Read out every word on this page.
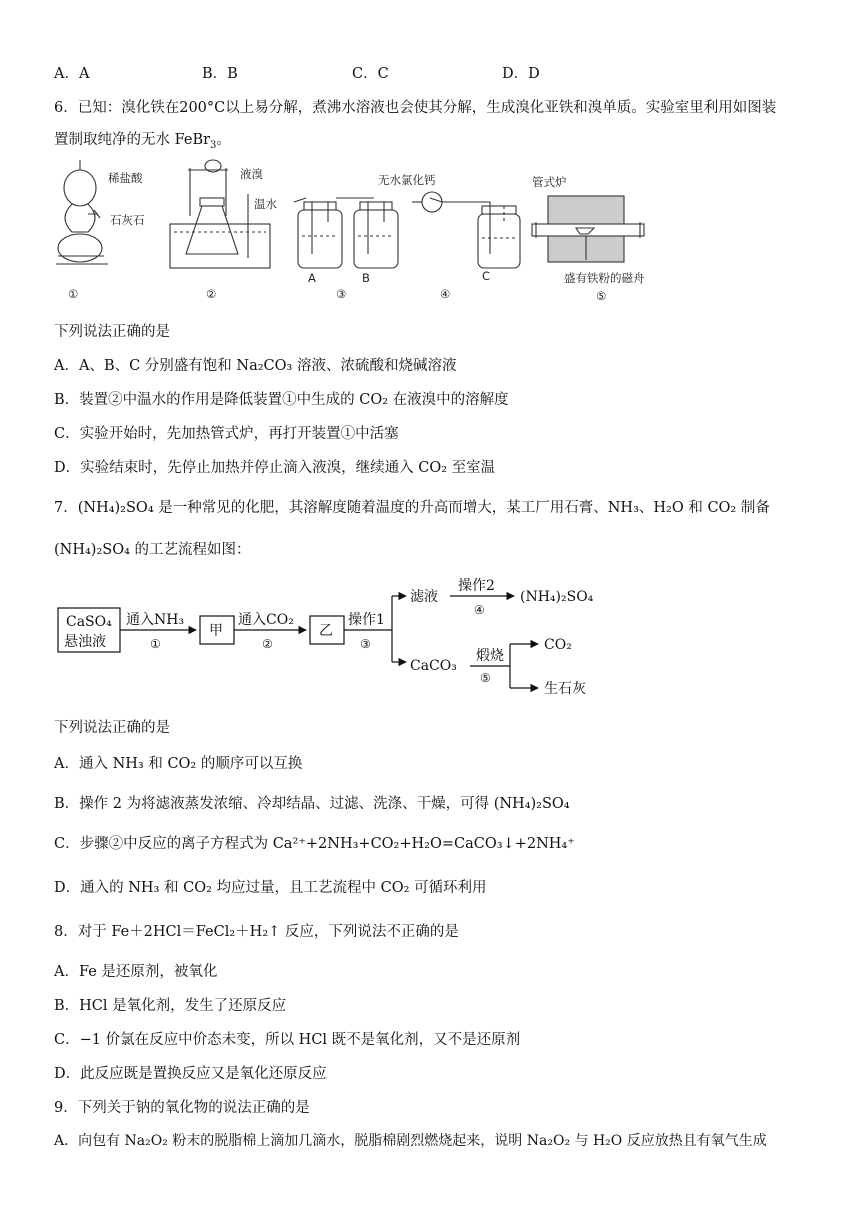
A．A	B．B	C．C	D．D
6．已知：溴化铁在200°C以上易分解，煮沸水溶液也会使其分解，生成溴化亚铁和溴单质。实验室里利用如图装
置制取纯净的无水 FeBr$_3$。
稀盐酸
石灰石
液溴
温水
无水氯化钙	管式炉
盛有铁粉的磁舟
A	B	C
①	②	③	④	⑤
下列说法正确的是
A．A、B、C 分别盛有饱和 Na₂CO₃ 溶液、浓硫酸和烧碱溶液
B．装置②中温水的作用是降低装置①中生成的 CO₂ 在液溴中的溶解度
C．实验开始时，先加热管式炉，再打开装置①中活塞
D．实验结束时，先停止加热并停止滴入液溴，继续通入 CO₂ 至室温
7．(NH₄)₂SO₄ 是一种常见的化肥，其溶解度随着温度的升高而增大，某工厂用石膏、NH₃、H₂O 和 CO₂ 制备
(NH₄)₂SO₄ 的工艺流程如图：
CaSO₄
悬浊液
通入NH₃
①
甲
通入CO₂
②
乙
操作1
③
滤液
操作2
④
(NH₄)₂SO₄
CaCO₃
煅烧
⑤
CO₂
生石灰
下列说法正确的是
A．通入 NH₃ 和 CO₂ 的顺序可以互换
B．操作 2 为将滤液蒸发浓缩、冷却结晶、过滤、洗涤、干燥，可得 (NH₄)₂SO₄
C．步骤②中反应的离子方程式为 Ca²⁺+2NH₃+CO₂+H₂O=CaCO₃↓+2NH₄⁺
D．通入的 NH₃ 和 CO₂ 均应过量，且工艺流程中 CO₂ 可循环利用
8．对于 Fe＋2HCl＝FeCl₂＋H₂↑ 反应，下列说法不正确的是
A．Fe 是还原剂，被氧化
B．HCl 是氧化剂，发生了还原反应
C．−1 价氯在反应中价态未变，所以 HCl 既不是氧化剂，又不是还原剂
D．此反应既是置换反应又是氧化还原反应
9．下列关于钠的氧化物的说法正确的是
A．向包有 Na₂O₂ 粉末的脱脂棉上滴加几滴水，脱脂棉剧烈燃烧起来，说明 Na₂O₂ 与 H₂O 反应放热且有氧气生成
